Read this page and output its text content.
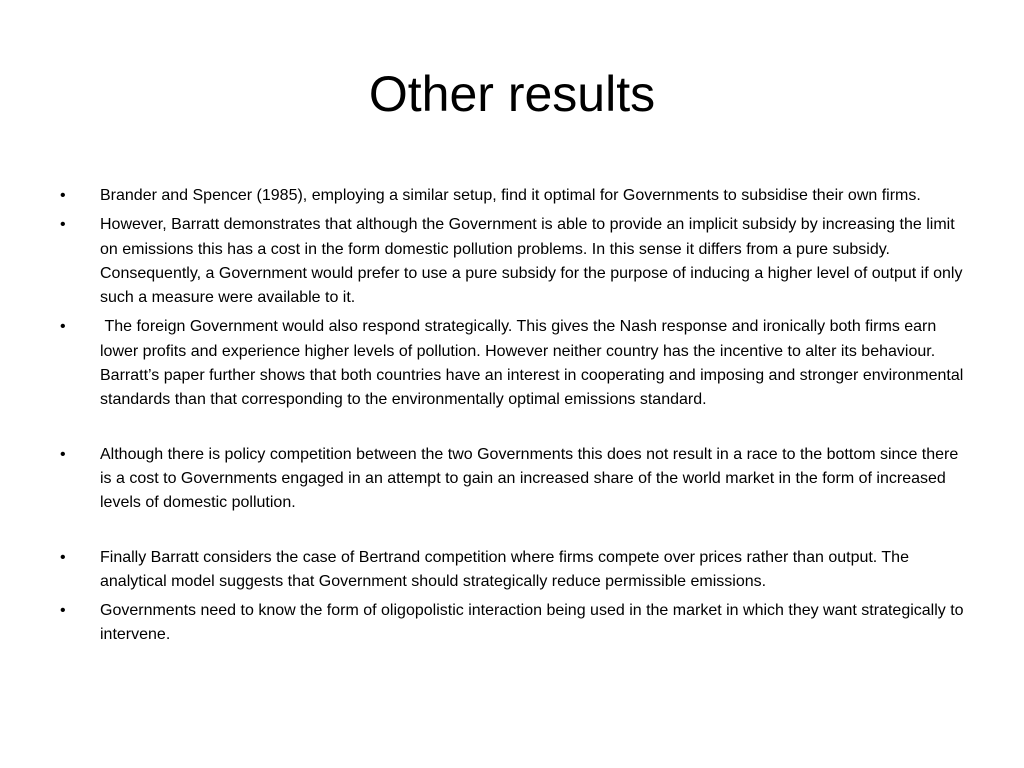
Other results
•	Brander and Spencer (1985), employing a similar setup, find it optimal for Governments to subsidise their own firms.
•	However, Barratt demonstrates that although the Government is able to provide an implicit subsidy by increasing the limit on emissions this has a cost in the form domestic pollution problems. In this sense it differs from a pure subsidy. Consequently, a Government would prefer to use a pure subsidy for the purpose of inducing a higher level of output if only such a measure were available to it.
•	The foreign Government would also respond strategically. This gives the Nash response and ironically both firms earn lower profits and experience higher levels of pollution. However neither country has the incentive to alter its behaviour. Barratt’s paper further shows that both countries have an interest in cooperating and imposing and stronger environmental standards than that corresponding to the environmentally optimal emissions standard.
•	Although there is policy competition between the two Governments this does not result in a race to the bottom since there is a cost to Governments engaged in an attempt to gain an increased share of the world market in the form of increased levels of domestic pollution.
•	Finally Barratt considers the case of Bertrand competition where firms compete over prices rather than output. The analytical model suggests that Government should strategically reduce permissible emissions.
•	Governments need to know the form of oligopolistic interaction being used in the market in which they want strategically to intervene.
